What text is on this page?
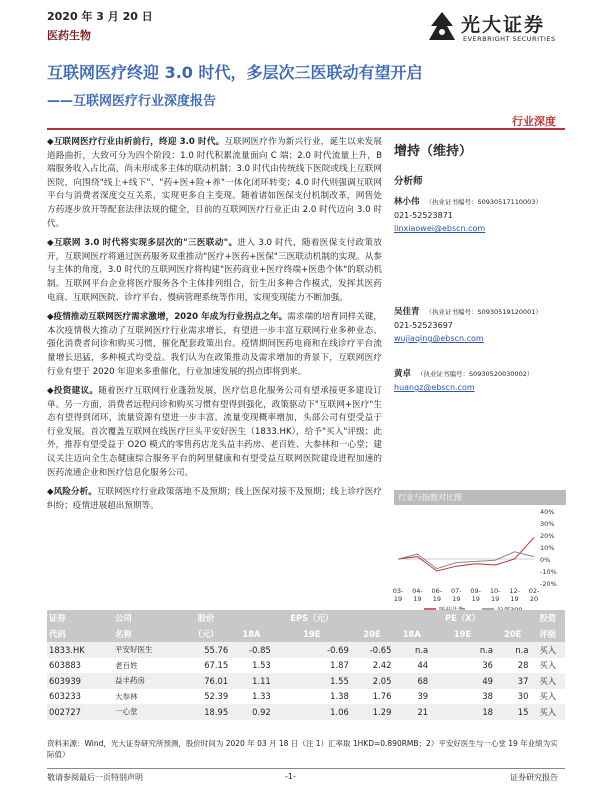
2020 年 3 月 20 日
医药生物	光大证券
EVERBRIGHT SECURITIES
互联网医疗终迎 3.0 时代，多层次三医联动有望开启
——互联网医疗行业深度报告
行业深度

◆互联网医疗行业由析前行，终迎 3.0 时代。互联网医疗作为新兴行业，诞生以来发展道路曲折，大致可分为四个阶段：1.0 时代积累流量面向 C 端；2.0 时代流量上升，B 端服务收入占比高，尚未形成多主体的联动机制；3.0 时代由传统线下医院或线上互联网医院，向围绕"线上+线下"、"药+医+险+养"一体化闭环转变；4.0 时代则强调互联网平台与消费者深度交互关系，实现更多自主变现。随着诸如医保支付机制改革，网售处方药逐步放开等配套法律法规的健全，目前的互联网医疗行业正由 2.0 时代迈向 3.0 时代。

◆互联网 3.0 时代将实现多层次的"三医联动"。进入 3.0 时代，随着医保支付政策放开，互联网医疗将通过医药服务双重推动"医疗+医药+医保"三医联动机制的实现。从参与主体的角度，3.0 时代的互联网医疗将构建"医药商业+医疗终端+医患个体"的联动机制。互联网平台企业将医疗服务各个主体排列组合，衍生出多种合作模式，发挥其医药电商、互联网医院、诊疗平台、慢病管理系统等作用，实现变现能力不断加强。

◆疫情推动互联网医疗需求激增，2020 年成为行业拐点之年。需求端的培育同样关键，本次疫情极大推动了互联网医疗行业需求增长，有望进一步丰富互联网行业多种业态、强化消费者问诊和购买习惯，催化配套政策出台。疫情期间医药电商和在线诊疗平台流量增长迅猛，多种模式均受益。我们认为在政策推动及需求增加的背景下，互联网医疗行业有望于 2020 年迎来多重催化，行业加速发展的拐点即将到来。

◆投资建议。随着医疗互联网行业蓬勃发展，医疗信息化服务公司有望承接更多建设订单。另一方面，消费者远程问诊和购买习惯有望得到强化，政策驱动下"互联网+医疗"生态有望得到闭环，流量资源有望进一步丰富，流量变现概率增加，头部公司有望受益于行业发展。首次覆盖互联网在线医疗巨头平安好医生（1833.HK），给予"买入"评级；此外，推荐有望受益于 O2O 模式的零售药店龙头益丰药房、老百姓、大参林和一心堂；建议关注迈向全生态健康综合服务平台的阿里健康和有望受益互联网医院建设进程加速的医药流通企业和医疗信息化服务公司。

◆风险分析。互联网医疗行业政策落地不及预期；线上医保对接不及预期；线上诊疗医疗纠纷；疫情进展超出预期等。

增持（维持）
分析师
林小伟 （执业证书编号：S0930517110003）
021-52523871
linxiaowei@ebscn.com
吴佳青 （执业证书编号：S0930519120001）
021-52523697
wujiaqing@ebscn.com
黄卓 （执业证书编号：S0930520030002）
huangz@ebscn.com
行业与指数对比图
40%
30%
20%
10%
0%
-10%
-20%
03-
19
04-
19
06-
19
07-
19
09-
19
10-
19
12-
19
02-
20
医药生物	沪深300
资料来源：Wind
证券	公司	股价		EPS（元）			PE（X）		投资
代码	名称	（元）	18A	19E	20E	18A	19E	20E	评级
1833.HK	平安好医生	55.76	-0.85	-0.69	-0.65	n.a	n.a	n.a	买入
603883	老百姓	67.15	1.53	1.87	2.42	44	36	28	买入
603939	益丰药房	76.01	1.11	1.55	2.05	68	49	37	买入
603233	大参林	52.39	1.33	1.38	1.76	39	38	30	买入
002727	一心堂	18.95	0.92	1.06	1.29	21	18	15	买入
资料来源：Wind，光大证券研究所预测，股价时间为 2020 年 03 月 18 日（注 1）汇率取 1HKD=0.890RMB；2）平安好医生与一心堂 19 年业绩为实际值）
敬请参阅最后一页特别声明	-1-	证券研究报告
